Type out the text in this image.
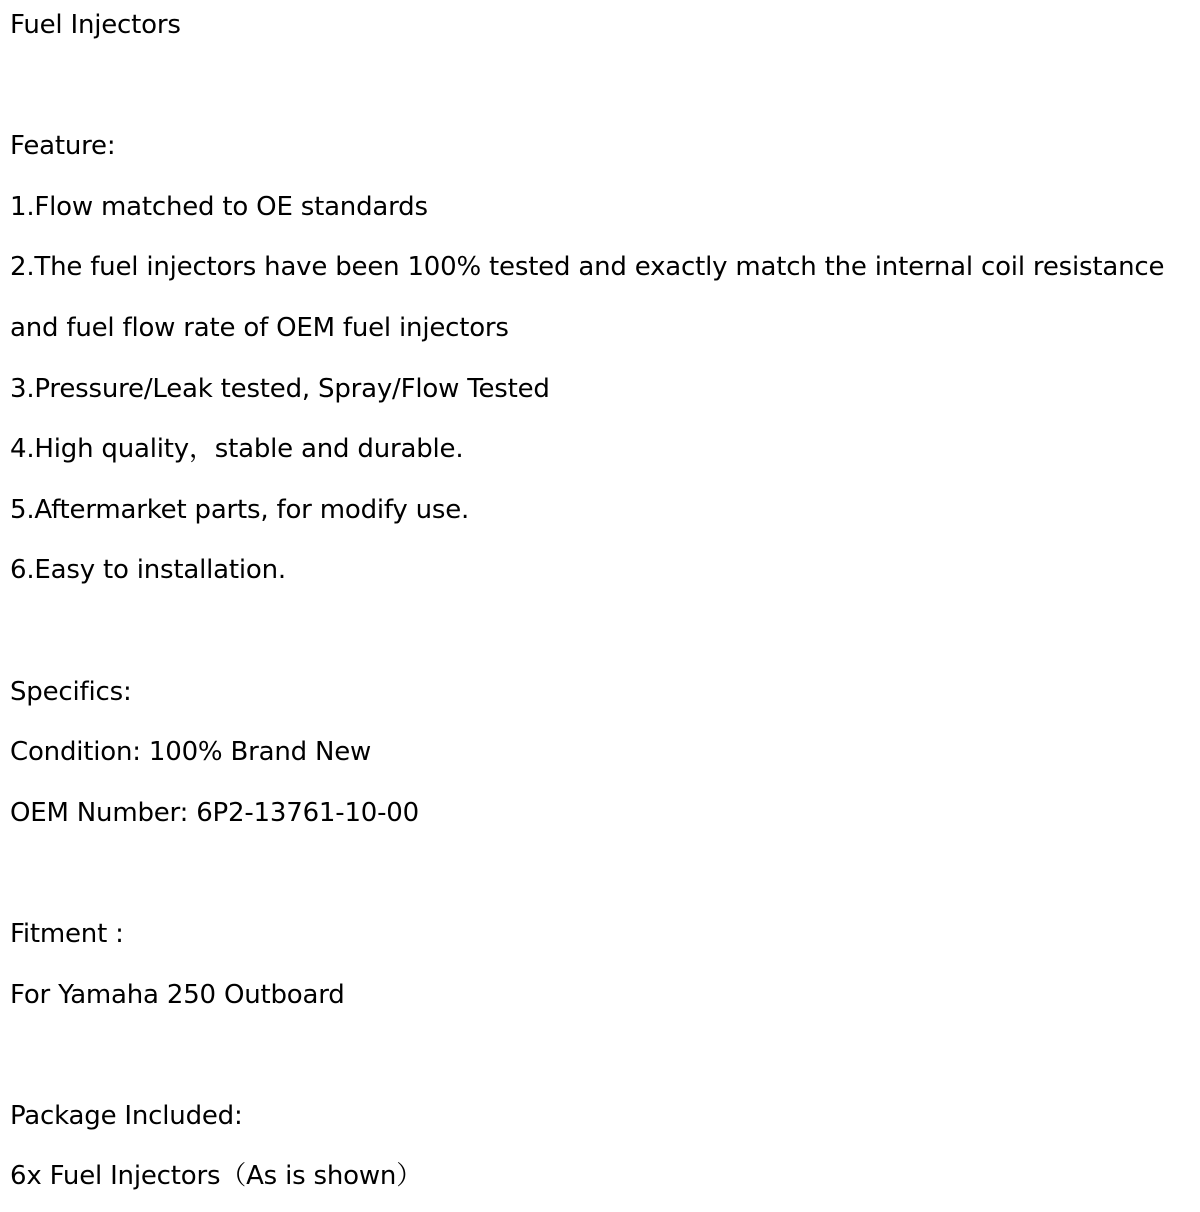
Fuel Injectors
Feature:
1.Flow matched to OE standards
2.The fuel injectors have been 100% tested and exactly match the internal coil resistance
and fuel flow rate of OEM fuel injectors
3.Pressure/Leak tested, Spray/Flow Tested
4.High quality，stable and durable.
5.Aftermarket parts, for modify use.
6.Easy to installation.
Specifics:
Condition: 100% Brand New
OEM Number: 6P2-13761-10-00
Fitment :
For Yamaha 250 Outboard
Package Included:
6x Fuel Injectors（As is shown）
